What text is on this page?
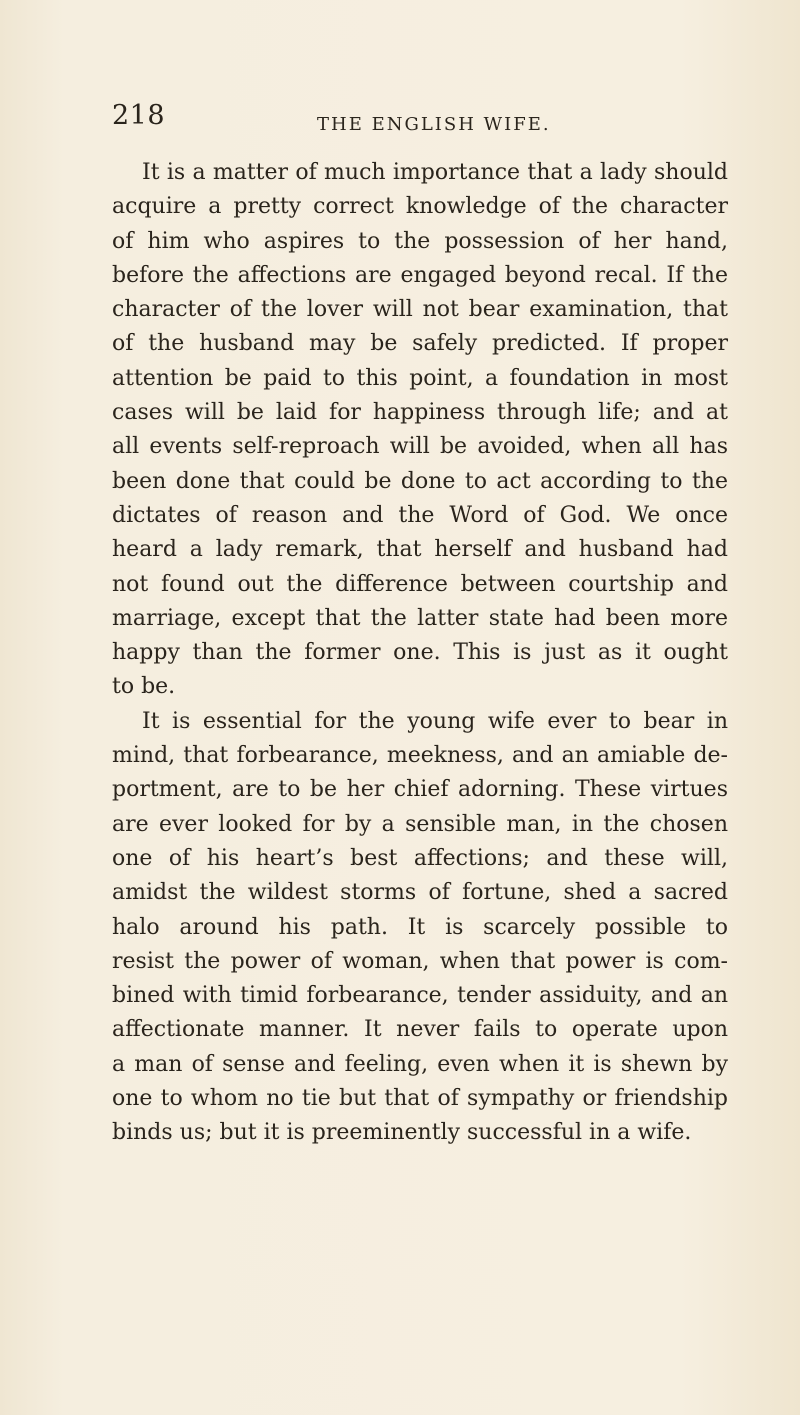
218	THE ENGLISH WIFE.

It is a matter of much importance that a lady should
acquire a pretty correct knowledge of the character
of him who aspires to the possession of her hand,
before the affections are engaged beyond recal. If the
character of the lover will not bear examination, that
of the husband may be safely predicted. If proper
attention be paid to this point, a foundation in most
cases will be laid for happiness through life; and at
all events self-reproach will be avoided, when all has
been done that could be done to act according to the
dictates of reason and the Word of God. We once
heard a lady remark, that herself and husband had
not found out the difference between courtship and
marriage, except that the latter state had been more
happy than the former one. This is just as it ought
to be.

It is essential for the young wife ever to bear in
mind, that forbearance, meekness, and an amiable de-
portment, are to be her chief adorning. These virtues
are ever looked for by a sensible man, in the chosen
one of his heart’s best affections; and these will,
amidst the wildest storms of fortune, shed a sacred
halo around his path. It is scarcely possible to
resist the power of woman, when that power is com-
bined with timid forbearance, tender assiduity, and an
affectionate manner. It never fails to operate upon
a man of sense and feeling, even when it is shewn by
one to whom no tie but that of sympathy or friendship
binds us; but it is preeminently successful in a wife.
